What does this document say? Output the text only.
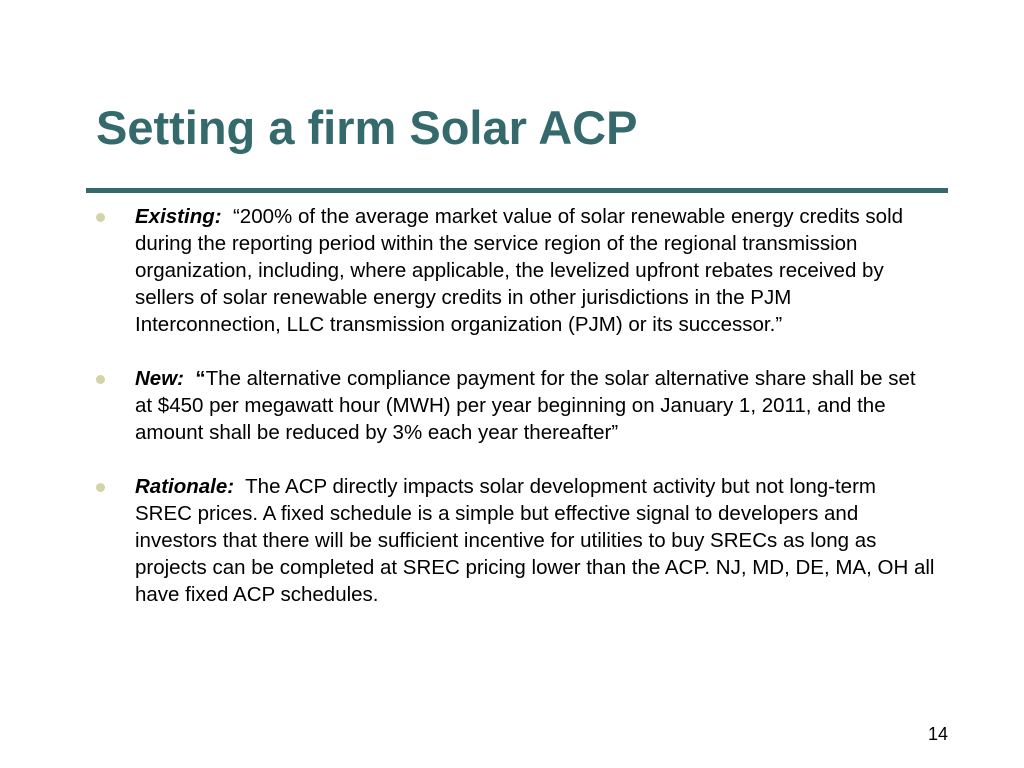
Setting a firm Solar ACP
Existing: “200% of the average market value of solar renewable energy credits sold during the reporting period within the service region of the regional transmission organization, including, where applicable, the levelized upfront rebates received by sellers of solar renewable energy credits in other jurisdictions in the PJM Interconnection, LLC transmission organization (PJM) or its successor.”
New: “The alternative compliance payment for the solar alternative share shall be set at $450 per megawatt hour (MWH) per year beginning on January 1, 2011, and the amount shall be reduced by 3% each year thereafter”
Rationale: The ACP directly impacts solar development activity but not long-term SREC prices. A fixed schedule is a simple but effective signal to developers and investors that there will be sufficient incentive for utilities to buy SRECs as long as projects can be completed at SREC pricing lower than the ACP. NJ, MD, DE, MA, OH all have fixed ACP schedules.
14
